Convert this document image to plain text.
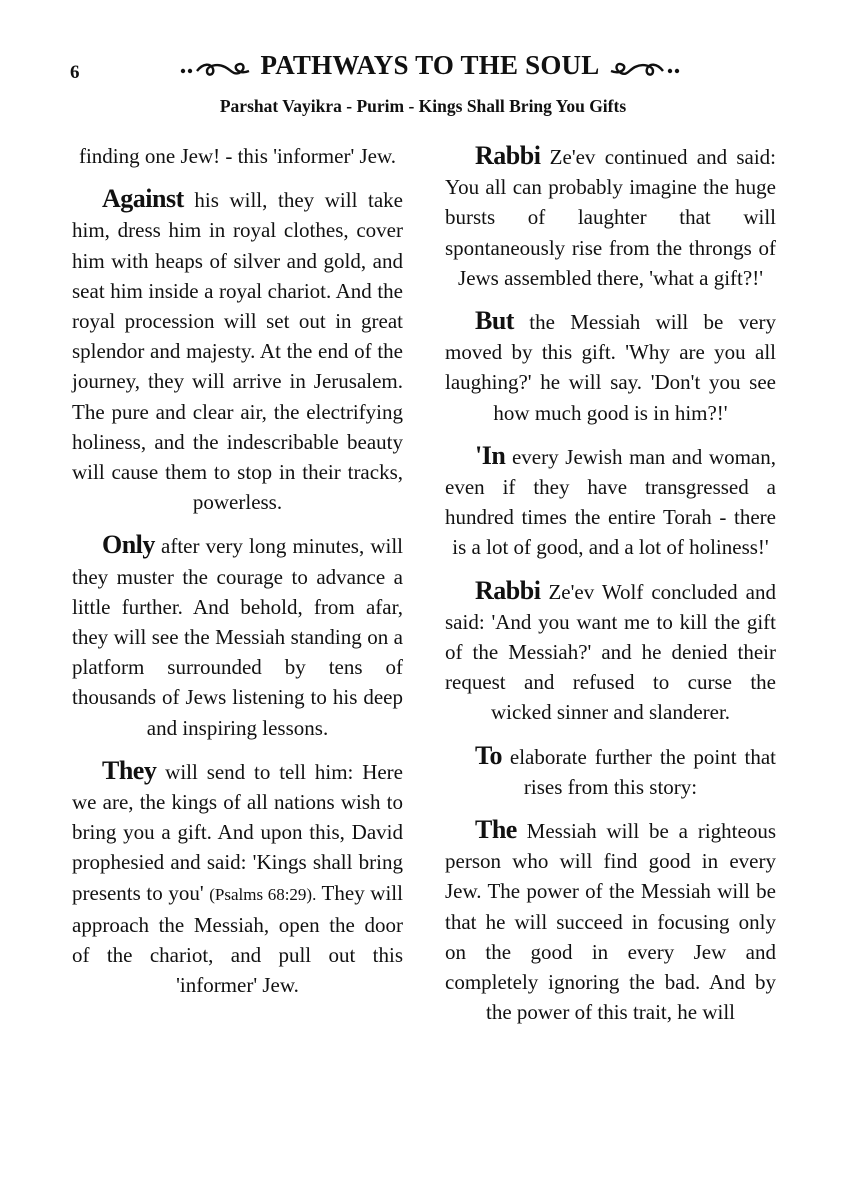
6	PATHWAYS TO THE SOUL
Parshat Vayikra - Purim - Kings Shall Bring You Gifts

finding one Jew! - this 'informer' Jew.

Against his will, they will take him, dress him in royal clothes, cover him with heaps of silver and gold, and seat him inside a royal chariot. And the royal procession will set out in great splendor and majesty. At the end of the journey, they will arrive in Jerusalem. The pure and clear air, the electrifying holiness, and the indescribable beauty will cause them to stop in their tracks, powerless.

Only after very long minutes, will they muster the courage to advance a little further. And behold, from afar, they will see the Messiah standing on a platform surrounded by tens of thousands of Jews listening to his deep and inspiring lessons.

They will send to tell him: Here we are, the kings of all nations wish to bring you a gift. And upon this, David prophesied and said: 'Kings shall bring presents to you' (Psalms 68:29). They will approach the Messiah, open the door of the chariot, and pull out this 'informer' Jew.

Rabbi Ze'ev continued and said: You all can probably imagine the huge bursts of laughter that will spontaneously rise from the throngs of Jews assembled there, 'what a gift?!'

But the Messiah will be very moved by this gift. 'Why are you all laughing?' he will say. 'Don't you see how much good is in him?!'

'In every Jewish man and woman, even if they have transgressed a hundred times the entire Torah - there is a lot of good, and a lot of holiness!'

Rabbi Ze'ev Wolf concluded and said: 'And you want me to kill the gift of the Messiah?' and he denied their request and refused to curse the wicked sinner and slanderer.

To elaborate further the point that rises from this story:

The Messiah will be a righteous person who will find good in every Jew. The power of the Messiah will be that he will succeed in focusing only on the good in every Jew and completely ignoring the bad. And by the power of this trait, he will
